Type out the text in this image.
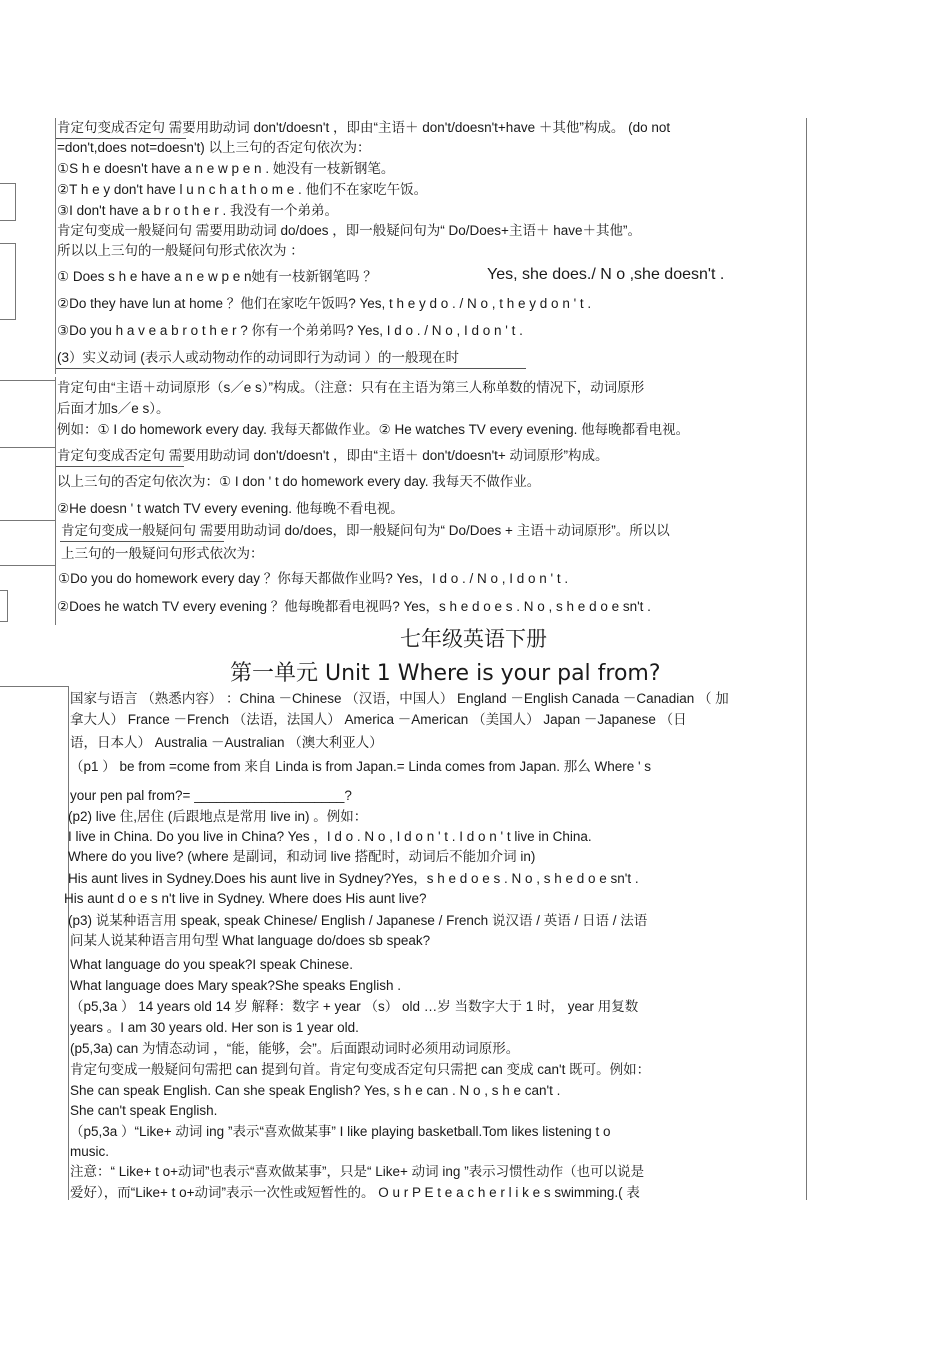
肯定句变成否定句 需要用助动词 don't/doesn't ，即由“主语＋ don't/doesn't+have ＋其他”构成。 (do not
=don't,does not=doesn't) 以上三句的否定句依次为：
①S h e doesn't have a n e w p e n . 她没有一枝新钢笔。
②T h e y don't have l u n c h a t h o m e . 他们不在家吃午饭。
③I don't have a b r o t h e r . 我没有一个弟弟。
肯定句变成一般疑问句 需要用助动词 do/does ，即一般疑问句为“ Do/Does+主语＋ have＋其他”。
所以以上三句的一般疑问句形式依次为 ：
① Does s h e have a n e w p e n她有一枝新钢笔吗 ？	Yes, she does./ N o ,she doesn't .
②Do they have lun at home ？他们在家吃午饭吗? Yes, t h e y d o . / N o , t h e y d o n ' t .
③Do you h a v e a b r o t h e r ? 你有一个弟弟吗? Yes, I d o . / N o , I d o n ' t .
(3）实义动词 (表示人或动物动作的动词即行为动词 ）的一般现在时
肯定句由“主语＋动词原形（s／e s）”构成。（注意：只有在主语为第三人称单数的情况下，动词原形
后面才加s／e s）。
例如：① I do homework every day. 我每天都做作业。② He watches TV every evening. 他每晚都看电视。
肯定句变成否定句 需要用助动词 don't/doesn't ，即由“主语＋ don't/doesn't+ 动词原形”构成。
以上三句的否定句依次为：① I don ' t do homework every day. 我每天不做作业。
②He doesn ' t watch TV every evening. 他每晚不看电视。
肯定句变成一般疑问句 需要用助动词 do/does，即一般疑问句为“ Do/Does + 主语＋动词原形”。所以以
上三句的一般疑问句形式依次为：
①Do you do homework every day ？你每天都做作业吗? Yes，I d o . / N o , I d o n ' t .
②Does he watch TV every evening ？他每晚都看电视吗? Yes，s h e d o e s . N o , s h e d o e sn't .
七年级英语下册
第一单元 Unit 1 Where is your pal from?
国家与语言 （熟悉内容） ：China －Chinese （汉语，中国人） England －English Canada －Canadian （ 加
拿大人） France －French （法语，法国人） America －American （美国人） Japan －Japanese （日
语，日本人） Australia －Australian （澳大利亚人）
（p1 ） be from =come from 来自 Linda is from Japan.= Linda comes from Japan. 那么 Where ' s
your pen pal from?= ____________________?
(p2) live 住,居住 (后跟地点是常用 live in) 。例如：
I live in China. Do you live in China? Yes ，I d o . N o , I d o n ' t . I d o n ' t live in China.
Where do you live? (where 是副词，和动词 live 搭配时，动词后不能加介词 in)
His aunt lives in Sydney.Does his aunt live in Sydney?Yes，s h e d o e s . N o , s h e d o e sn't .
His aunt d o e s n't live in Sydney. Where does His aunt live?
(p3) 说某种语言用 speak, speak Chinese/ English / Japanese / French 说汉语 / 英语 / 日语 / 法语
问某人说某种语言用句型 What language do/does sb speak?
What language do you speak?I speak Chinese.
What language does Mary speak?She speaks English .
（p5,3a ） 14 years old 14 岁 解释：数字 + year （s） old …岁 当数字大于 1 时， year 用复数
years 。I am 30 years old. Her son is 1 year old.
(p5,3a) can 为情态动词 ，“能，能够，会”。后面跟动词时必须用动词原形。
肯定句变成一般疑问句需把 can 提到句首。肯定句变成否定句只需把 can 变成 can't 既可。例如：
She can speak English. Can she speak English? Yes, s h e can . N o , s h e can't .
She can't speak English.
（p5,3a ）“Like+ 动词 ing ”表示“喜欢做某事” I like playing basketball.Tom likes listening t o
music.
注意：“ Like+ t o+动词”也表示“喜欢做某事”，只是“ Like+ 动词 ing ”表示习惯性动作（也可以说是
爱好），而“Like+ t o+动词”表示一次性或短暂性的。 O u r P E t e a c h e r l i k e s swimming.( 表
